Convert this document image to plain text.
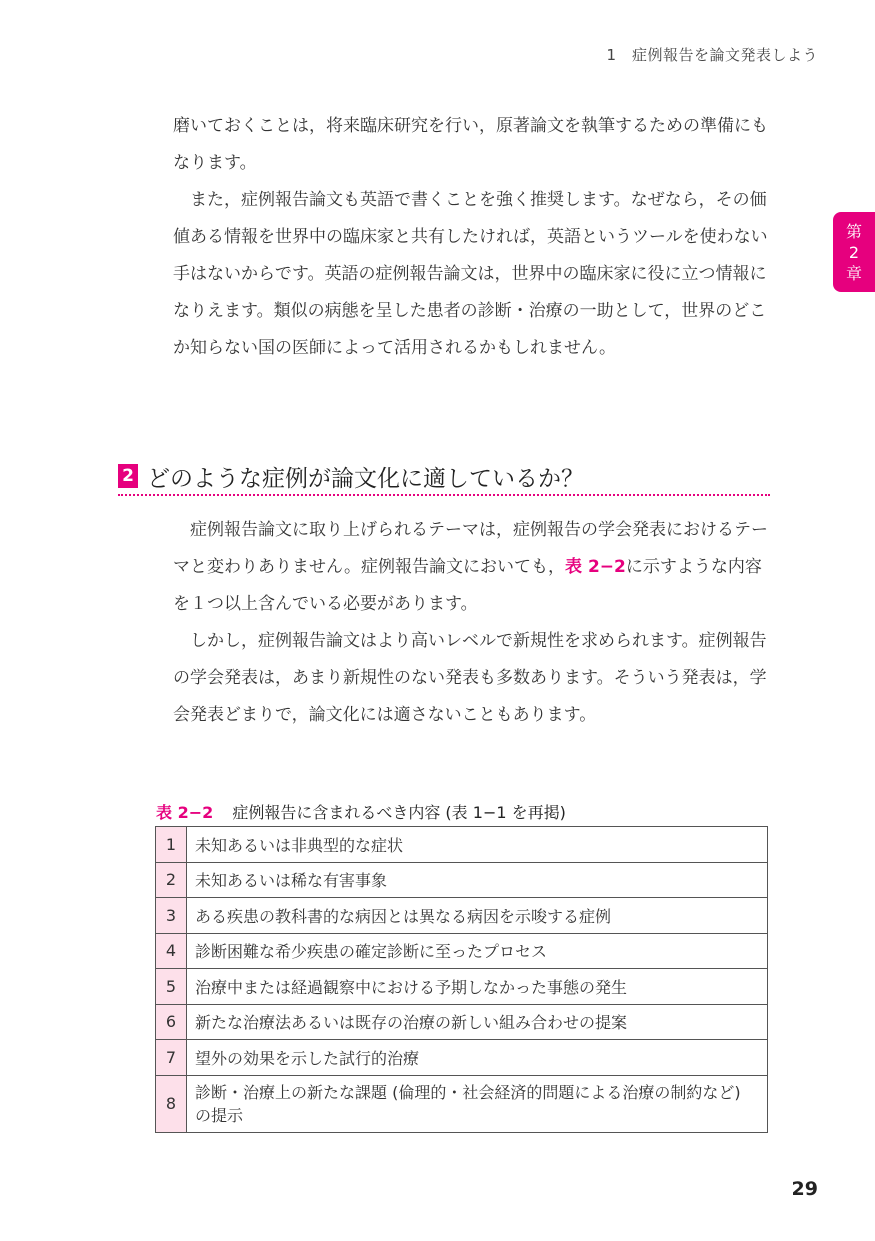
1　症例報告を論文発表しよう
第
2
章

磨いておくことは，将来臨床研究を行い，原著論文を執筆するための準備にもなります。

また，症例報告論文も英語で書くことを強く推奨します。なぜなら，その価値ある情報を世界中の臨床家と共有したければ，英語というツールを使わない手はないからです。英語の症例報告論文は，世界中の臨床家に役に立つ情報になりえます。類似の病態を呈した患者の診断・治療の一助として，世界のどこか知らない国の医師によって活用されるかもしれません。

2 どのような症例が論文化に適しているか？

症例報告論文に取り上げられるテーマは，症例報告の学会発表におけるテーマと変わりありません。症例報告論文においても，表 2−2に示すような内容を１つ以上含んでいる必要があります。

しかし，症例報告論文はより高いレベルで新規性を求められます。症例報告の学会発表は，あまり新規性のない発表も多数あります。そういう発表は，学会発表どまりで，論文化には適さないこともあります。

表 2−2 症例報告に含まれるべき内容 (表 1−1 を再掲)
1	未知あるいは非典型的な症状
2	未知あるいは稀な有害事象
3	ある疾患の教科書的な病因とは異なる病因を示唆する症例
4	診断困難な希少疾患の確定診断に至ったプロセス
5	治療中または経過観察中における予期しなかった事態の発生
6	新たな治療法あるいは既存の治療の新しい組み合わせの提案
7	望外の効果を示した試行的治療
8	診断・治療上の新たな課題 (倫理的・社会経済的問題による治療の制約など) の提示
29
